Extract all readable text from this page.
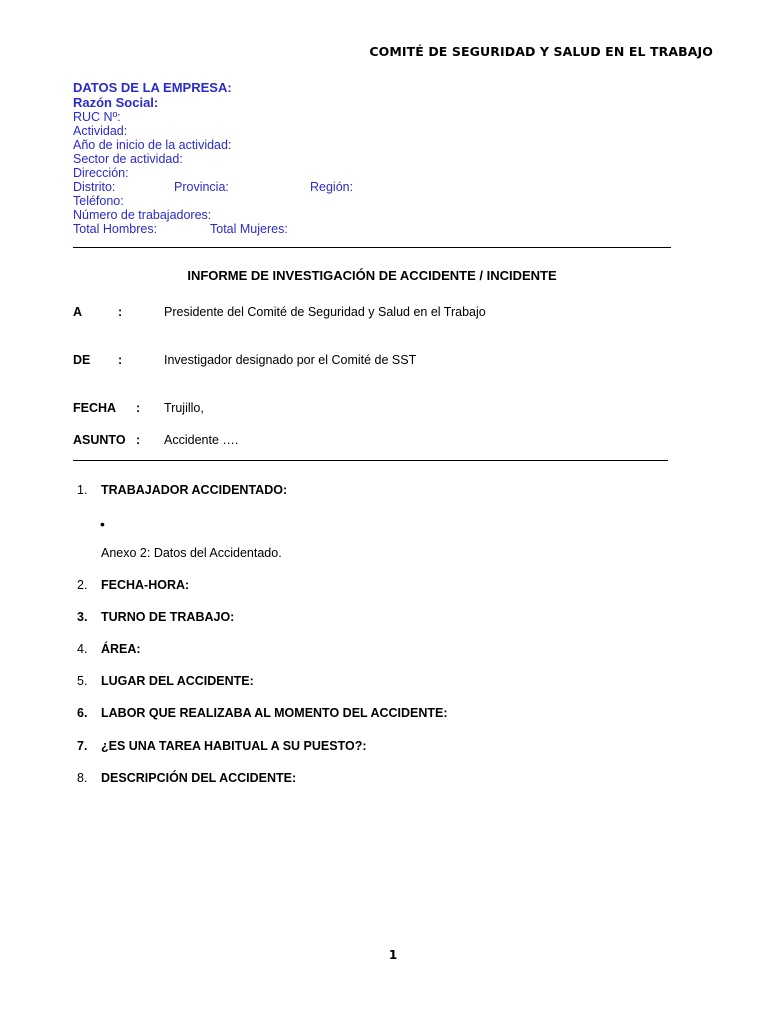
COMITÉ DE SEGURIDAD Y SALUD EN EL TRABAJO
DATOS DE LA EMPRESA:
Razón Social:
RUC Nº:
Actividad:
Año de inicio de la actividad:
Sector de actividad:
Dirección:
Distrito:	Provincia:	Región:
Teléfono:
Número de trabajadores:
Total Hombres:	Total Mujeres:
INFORME DE INVESTIGACIÓN DE ACCIDENTE / INCIDENTE
A	:	Presidente del Comité de Seguridad y Salud en el Trabajo
DE :	Investigador designado por el Comité de SST
FECHA : Trujillo,
ASUNTO : Accidente ….
1. TRABAJADOR ACCIDENTADO:
•
Anexo 2: Datos del Accidentado.
2. FECHA-HORA:
3. TURNO DE TRABAJO:
4. ÁREA:
5. LUGAR DEL ACCIDENTE:
6. LABOR QUE REALIZABA AL MOMENTO DEL ACCIDENTE:
7. ¿ES UNA TAREA HABITUAL A SU PUESTO?:
8. DESCRIPCIÓN DEL ACCIDENTE:
1
